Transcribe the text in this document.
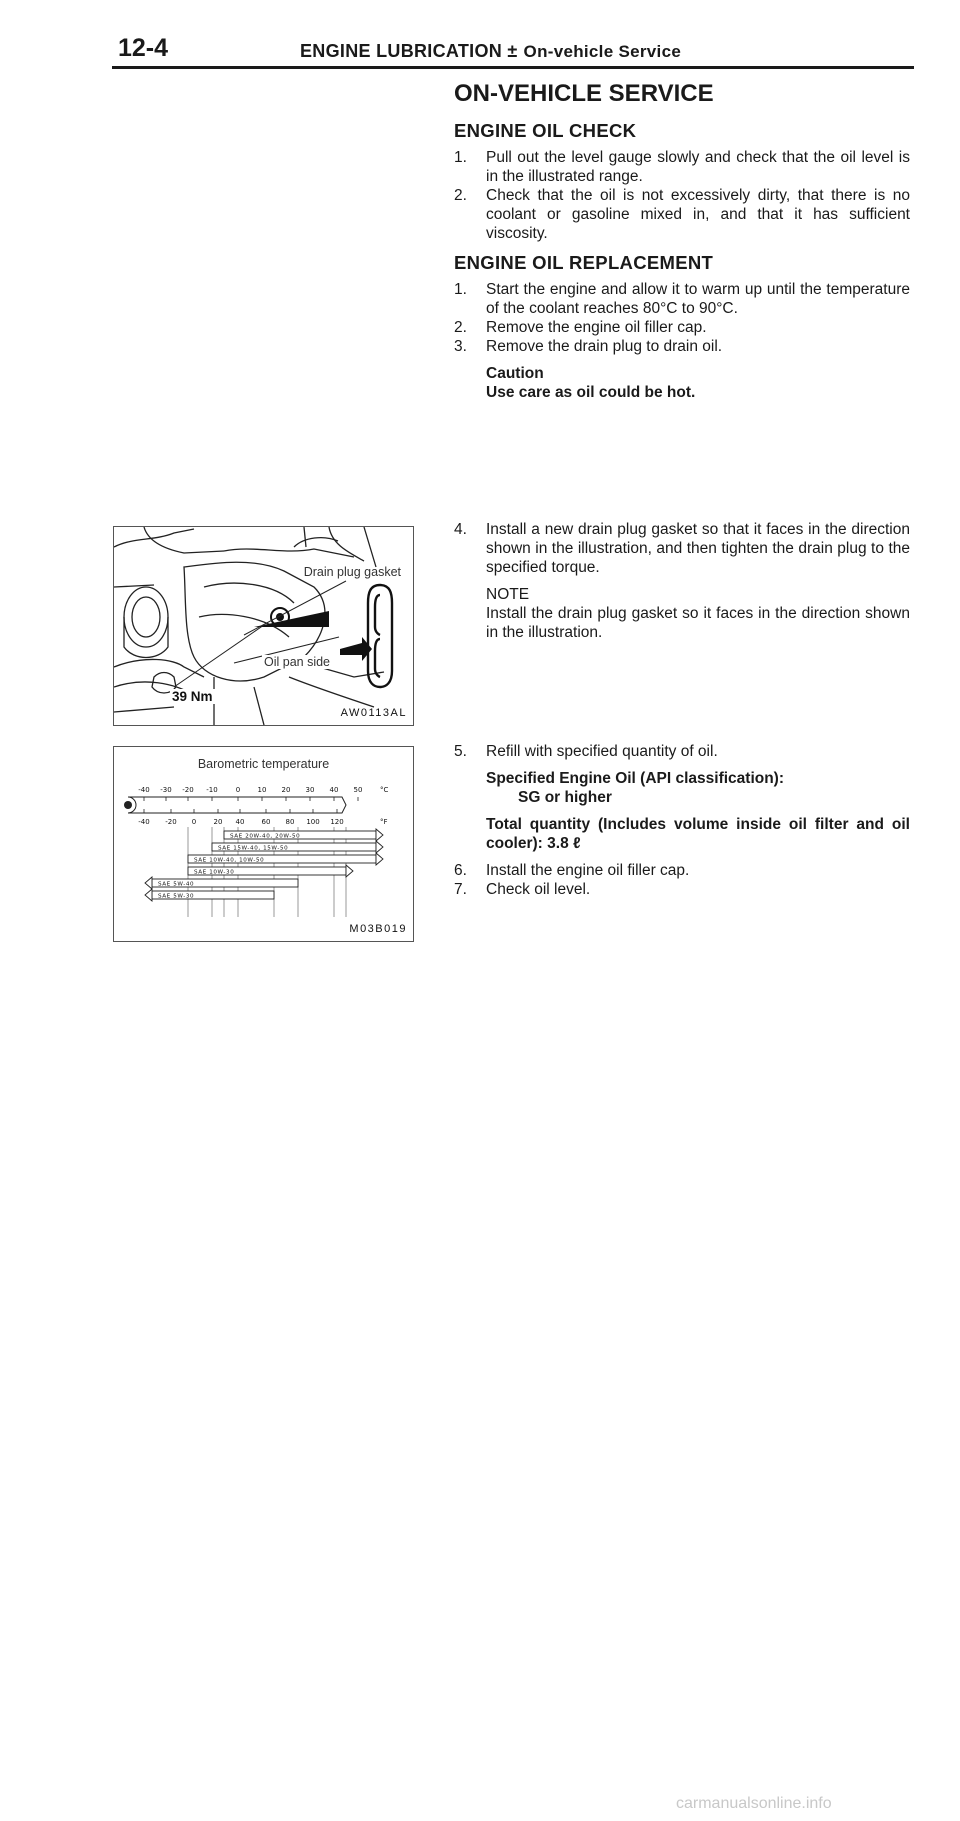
12-4	ENGINE LUBRICATION ± On-vehicle Service
ON-VEHICLE SERVICE
ENGINE OIL CHECK
1. Pull out the level gauge slowly and check that the oil level is in the illustrated range.
2. Check that the oil is not excessively dirty, that there is no coolant or gasoline mixed in, and that it has sufficient viscosity.
ENGINE OIL REPLACEMENT
1. Start the engine and allow it to warm up until the temperature of the coolant reaches 80°C to 90°C.
2. Remove the engine oil filler cap.
3. Remove the drain plug to drain oil.
Caution
Use care as oil could be hot.
4. Install a new drain plug gasket so that it faces in the direction shown in the illustration, and then tighten the drain plug to the specified torque.
NOTE
Install the drain plug gasket so it faces in the direction shown in the illustration.
5. Refill with specified quantity of oil.
Specified Engine Oil (API classification):
SG or higher
Total quantity (Includes volume inside oil filter and oil cooler): 3.8 ℓ
6. Install the engine oil filler cap.
7. Check oil level.
Drain plug gasket
Oil pan side
39 Nm
AW0113AL
Barometric temperature
-40 -30 -20 -10	0 10 20 30 40 50	°C
-40 -20 0 20 40 60 80 100 120	°F
SAE 20W-40, 20W-50
SAE 15W-40, 15W-50
SAE 10W-40, 10W-50
SAE 10W-30
SAE 5W-40
SAE 5W-30
M03B019
carmanualsonline.info
